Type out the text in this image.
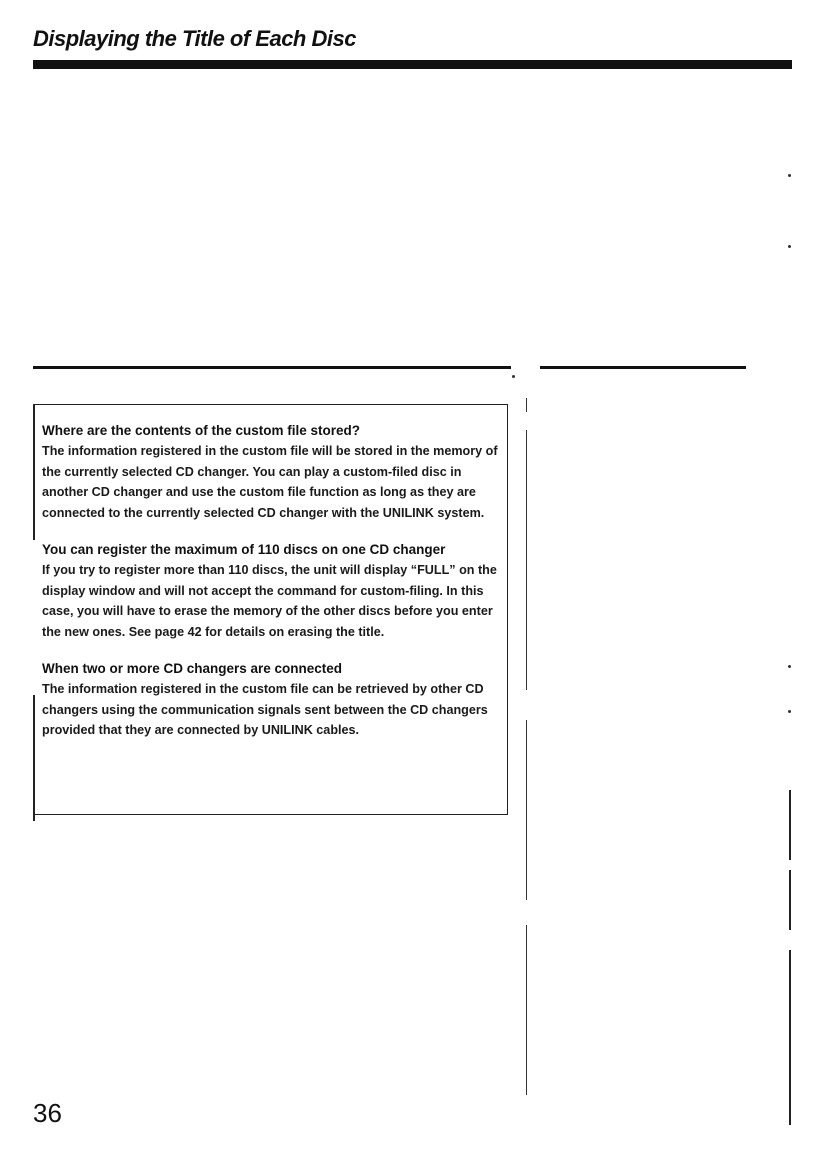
Displaying the Title of Each Disc

Where are the contents of the custom file stored?

The information registered in the custom file will be stored in the memory of the currently selected CD changer. You can play a custom-filed disc in another CD changer and use the custom file function as long as they are connected to the currently selected CD changer with the UNILINK system.

You can register the maximum of 110 discs on one CD changer

If you try to register more than 110 discs, the unit will display “FULL” on the display window and will not accept the command for custom-filing. In this case, you will have to erase the memory of the other discs before you enter the new ones. See page 42 for details on erasing the title.

When two or more CD changers are connected

The information registered in the custom file can be retrieved by other CD changers using the communication signals sent between the CD changers provided that they are connected by UNILINK cables.

36
